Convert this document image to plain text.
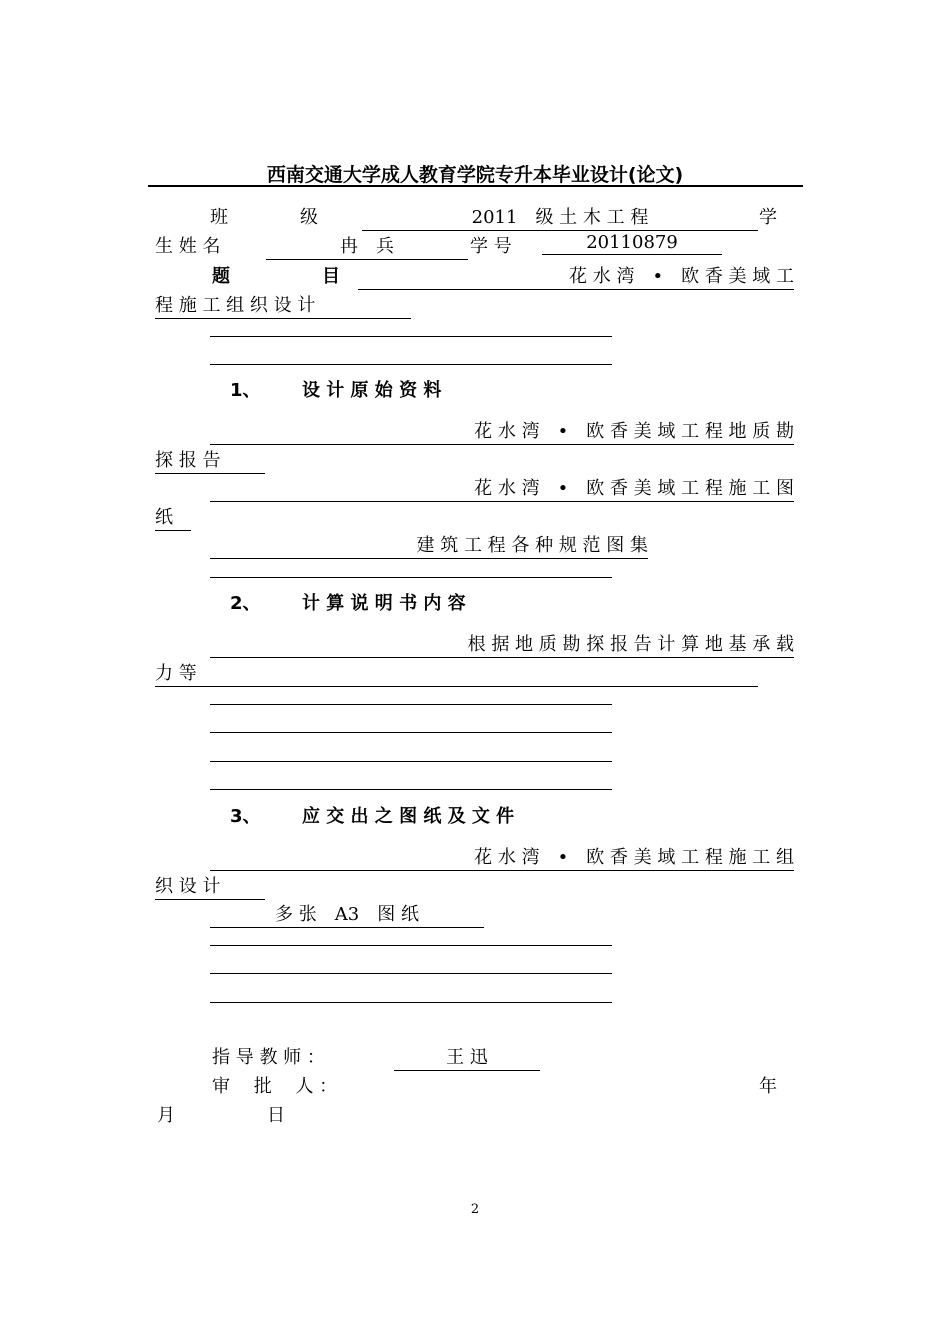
西南交通大学成人教育学院专升本毕业设计(论文)
班　　　　级	2011　级 土 木 工 程	学
生 姓 名	冉　兵	学 号	20110879
题	目	花 水 湾　•　欧 香 美 域 工
程 施 工 组 织 设 计
1、 设 计 原 始 资 料
花 水 湾　•　欧 香 美 域 工 程 地 质 勘
探 报 告
花 水 湾　•　欧 香 美 域 工 程 施 工 图
纸
建 筑 工 程 各 种 规 范 图 集
2、 计 算 说 明 书 内 容
根 据 地 质 勘 探 报 告 计 算 地 基 承 载
力 等
3、 应 交 出 之 图 纸 及 文 件
花 水 湾　•　欧 香 美 域 工 程 施 工 组
织 设 计
多 张　A3　图 纸
指 导 教 师 ：	王 迅
审　 批　 人 ：	年
月	日
2
